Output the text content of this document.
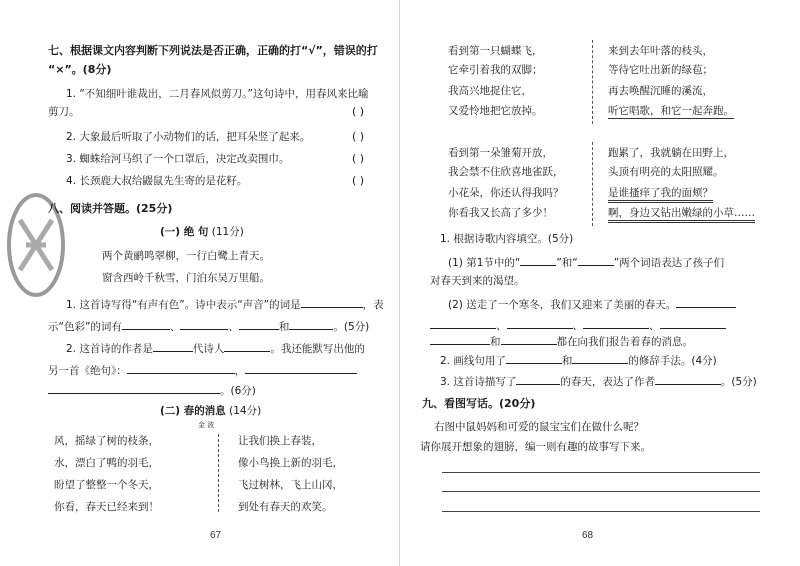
七、根据课文内容判断下列说法是否正确，正确的打“√”，错误的打
“×”。(8分)
1. “不知细叶谁裁出，二月春风似剪刀。”这句诗中，用春风来比喻
剪刀。	( )
2. 大象最后听取了小动物们的话，把耳朵竖了起来。	( )
3. 蜘蛛给河马织了一个口罩后，决定改卖围巾。	( )
4. 长颈鹿大叔给鼹鼠先生寄的是花籽。	( )
八、阅读并答题。(25分)
(一) 绝 句 (11分)
两个黄鹂鸣翠柳，一行白鹭上青天。
窗含西岭千秋雪，门泊东吴万里船。
1. 这首诗写得“有声有色”。诗中表示“声音”的词是	，表
示“色彩”的词有	、	、	和	。(5分)
2. 这首诗的作者是	代诗人	。我还能默写出他的
另一首《绝句》：	，
。(6分)
(二) 春的消息 (14分)
金 波
风，摇绿了树的枝条，
水，漂白了鸭的羽毛，
盼望了整整一个冬天，
你看，春天已经来到！
让我们换上春装，
像小鸟换上新的羽毛，
飞过树林，飞上山冈，
到处有春天的欢笑。
67
看到第一只蝴蝶飞，
它牵引着我的双脚；
我高兴地捉住它，
又爱怜地把它放掉。
看到第一朵雏菊开放，
我会禁不住欣喜地雀跃，
小花朵，你还认得我吗？
你看我又长高了多少！
来到去年叶落的枝头，
等待它吐出新的绿苞；
再去唤醒沉睡的溪流，
听它唱歌，和它一起奔跑。
跑累了，我就躺在田野上，
头顶有明亮的太阳照耀。
是谁搔痒了我的面颊？
啊，身边又钻出嫩绿的小草……
1. 根据诗歌内容填空。(5分)
(1) 第1节中的“	”和“	”两个词语表达了孩子们
对春天到来的渴望。
(2) 送走了一个寒冬，我们又迎来了美丽的春天。
、	、	、
和	都在向我们报告着春的消息。
2. 画线句用了	和	的修辞手法。(4分)
3. 这首诗描写了	的春天，表达了作者	。(5分)
九、看图写话。(20分)
右图中鼠妈妈和可爱的鼠宝宝们在做什么呢？
请你展开想象的翅膀，编一则有趣的故事写下来。
68
